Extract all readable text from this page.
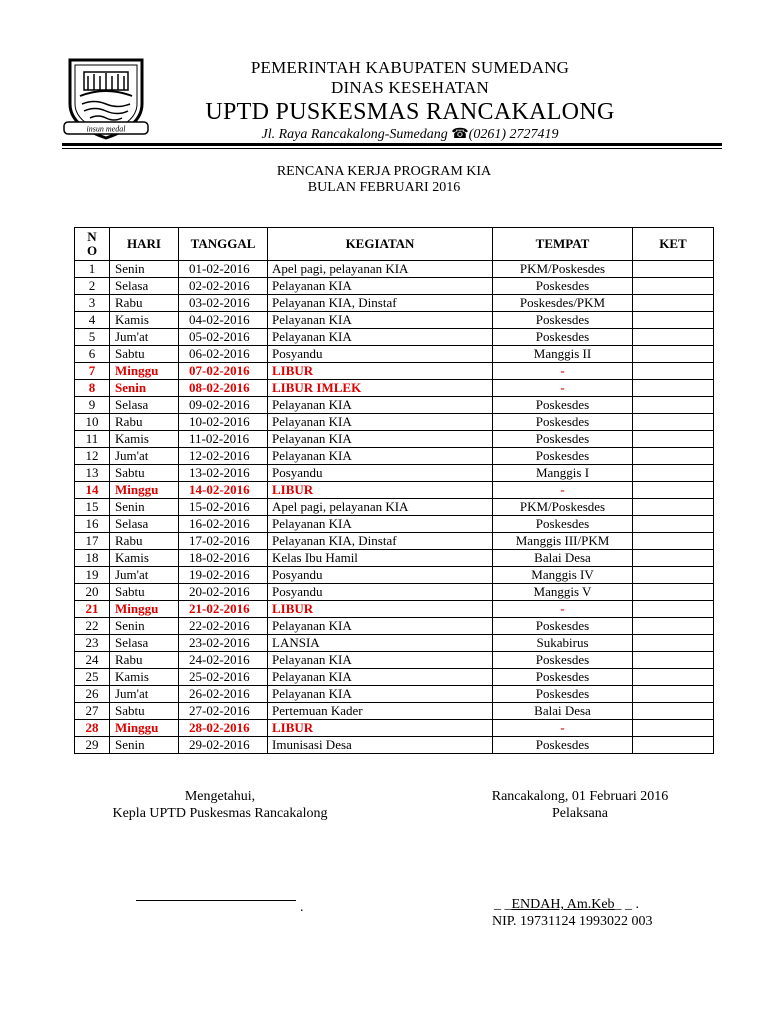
insun medal
PEMERINTAH KABUPATEN SUMEDANG
DINAS KESEHATAN
UPTD PUSKESMAS RANCAKALONG
Jl. Raya Rancakalong-Sumedang ☎(0261) 2727419
RENCANA KERJA PROGRAM KIA
BULAN FEBRUARI 2016
N
O	HARI	TANGGAL	KEGIATAN	TEMPAT	KET
1	Senin	01-02-2016	Apel pagi, pelayanan KIA	PKM/Poskesdes	
2	Selasa	02-02-2016	Pelayanan KIA	Poskesdes	
3	Rabu	03-02-2016	Pelayanan KIA, Dinstaf	Poskesdes/PKM	
4	Kamis	04-02-2016	Pelayanan KIA	Poskesdes	
5	Jum'at	05-02-2016	Pelayanan KIA	Poskesdes	
6	Sabtu	06-02-2016	Posyandu	Manggis II	
7	Minggu	07-02-2016	LIBUR	-	
8	Senin	08-02-2016	LIBUR IMLEK	-	
9	Selasa	09-02-2016	Pelayanan KIA	Poskesdes	
10	Rabu	10-02-2016	Pelayanan KIA	Poskesdes	
11	Kamis	11-02-2016	Pelayanan KIA	Poskesdes	
12	Jum'at	12-02-2016	Pelayanan KIA	Poskesdes	
13	Sabtu	13-02-2016	Posyandu	Manggis I	
14	Minggu	14-02-2016	LIBUR	-	
15	Senin	15-02-2016	Apel pagi, pelayanan KIA	PKM/Poskesdes	
16	Selasa	16-02-2016	Pelayanan KIA	Poskesdes	
17	Rabu	17-02-2016	Pelayanan KIA, Dinstaf	Manggis III/PKM	
18	Kamis	18-02-2016	Kelas Ibu Hamil	Balai Desa	
19	Jum'at	19-02-2016	Posyandu	Manggis IV	
20	Sabtu	20-02-2016	Posyandu	Manggis V	
21	Minggu	21-02-2016	LIBUR	-	
22	Senin	22-02-2016	Pelayanan KIA	Poskesdes	
23	Selasa	23-02-2016	LANSIA	Sukabirus	
24	Rabu	24-02-2016	Pelayanan KIA	Poskesdes	
25	Kamis	25-02-2016	Pelayanan KIA	Poskesdes	
26	Jum'at	26-02-2016	Pelayanan KIA	Poskesdes	
27	Sabtu	27-02-2016	Pertemuan Kader	Balai Desa	
28	Minggu	28-02-2016	LIBUR	-	
29	Senin	29-02-2016	Imunisasi Desa	Poskesdes	
Mengetahui,
Kepla UPTD Puskesmas Rancakalong
.
Rancakalong, 01 Februari 2016
Pelaksana
_ _ENDAH, Am.Keb_ _ .
NIP. 19731124 1993022 003
